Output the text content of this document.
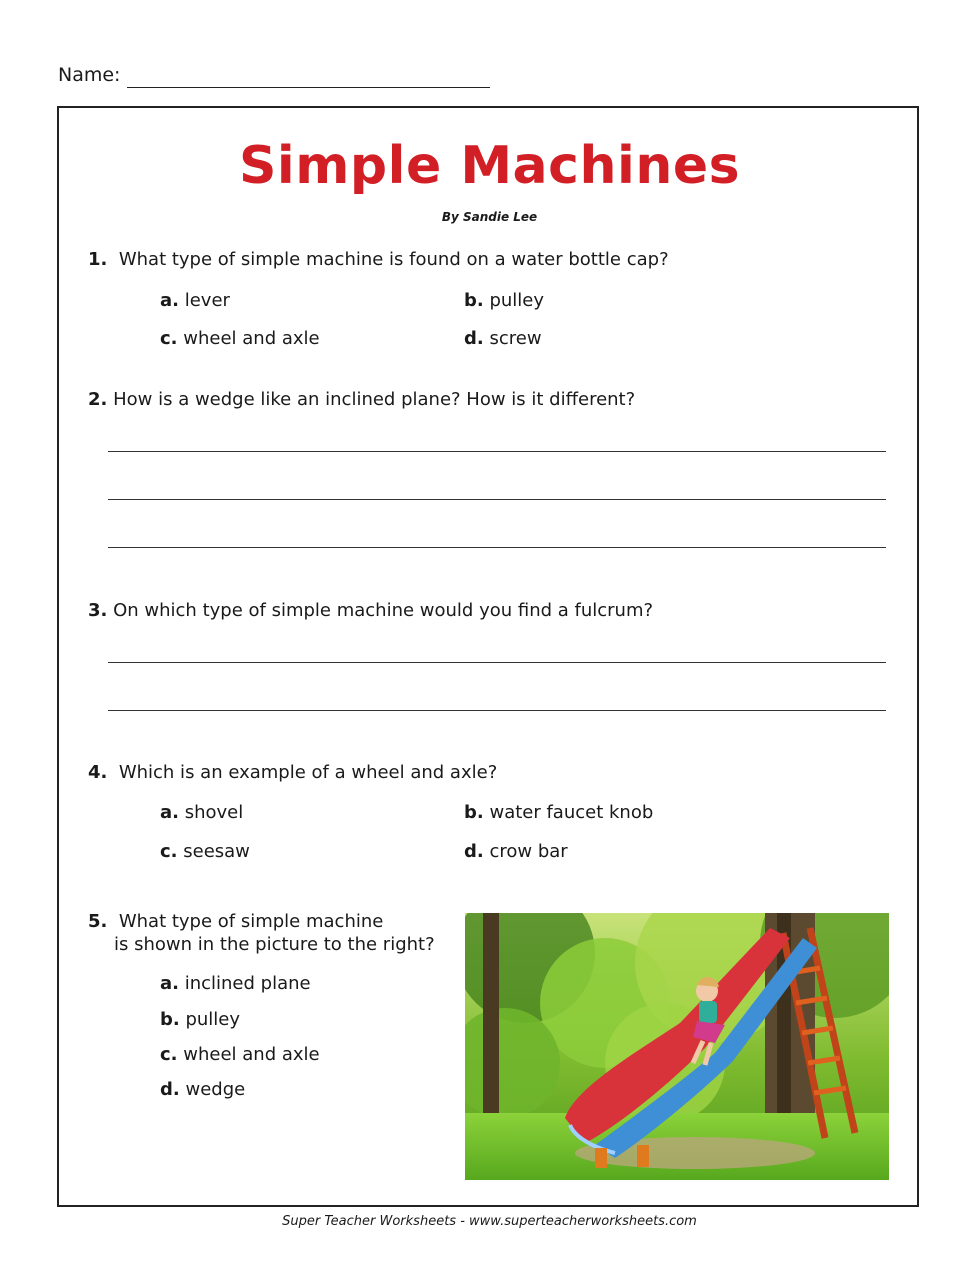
Name:
Simple Machines
By Sandie Lee
1. What type of simple machine is found on a water bottle cap?
a. lever	b. pulley
c. wheel and axle	d. screw
2. How is a wedge like an inclined plane? How is it different?
3. On which type of simple machine would you find a fulcrum?
4. Which is an example of a wheel and axle?
a. shovel	b. water faucet knob
c. seesaw	d. crow bar
5. What type of simple machine
is shown in the picture to the right?
a. inclined plane
b. pulley
c. wheel and axle
d. wedge
Super Teacher Worksheets - www.superteacherworksheets.com
